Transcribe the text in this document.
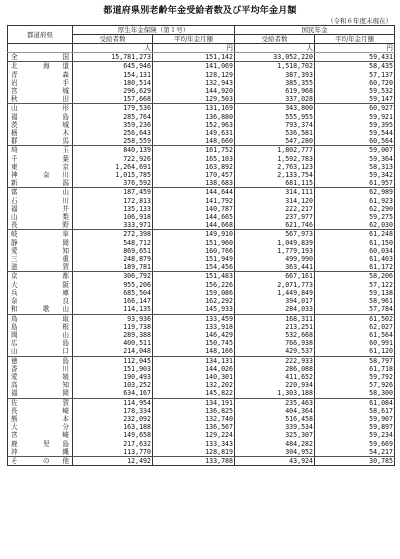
都道府県別老齢年金受給者数及び平均年金月額
（令和６年度末現在）
都道府県	厚生年金保険（第１号）		国民年金	
	受給者数	平均年金月額	受給者数	平均年金月額
	人	円	人	円

全 国	15,781,273	151,142	33,052,220	59,431

北 海 道	645,946	141,069	1,518,702	58,435

青 森	154,131	128,129	387,393	57,137

岩 手	180,514	132,943	385,355	60,720

宮 城	296,629	144,920	619,968	59,532

秋 田	157,668	129,503	337,028	59,147

山 形	179,536	131,169	343,800	60,927

福 島	285,764	136,880	555,955	59,921

茨 城	359,236	152,963	793,374	59,395

栃 木	256,643	149,631	536,581	59,544

群 馬	258,559	148,660	547,280	60,564

埼 玉	840,139	161,752	1,802,777	59,007

千 葉	722,926	165,103	1,592,783	59,364

東 京	1,264,691	163,892	2,763,123	58,313

神 奈 川	1,015,785	170,457	2,133,754	59,342

新 潟	376,592	138,683	681,115	61,957

富 山	187,459	144,644	314,111	62,989

石 川	172,813	141,792	314,120	61,923

福 井	135,133	140,787	222,217	62,290

山 梨	106,918	144,665	237,977	59,275

長 野	333,971	144,668	621,746	62,030

岐 阜	272,398	149,910	567,973	61,248

静 岡	548,712	151,960	1,049,839	61,150

愛 知	869,651	160,766	1,779,193	60,034

三 重	248,879	151,949	499,990	61,403

滋 賀	189,781	154,456	363,441	61,172

京 都	306,792	151,483	667,161	58,206

大 阪	955,206	156,226	2,071,773	57,122

兵 庫	685,504	159,086	1,449,849	59,138

奈 良	166,147	162,292	394,017	58,961

和 歌 山	114,135	145,933	284,033	57,784

鳥 取	93,936	133,459	168,311	61,502

島 根	119,738	133,918	213,251	62,027

岡 山	289,388	146,429	532,668	61,564

広 島	400,511	150,745	766,938	60,991

山 口	214,048	148,166	429,537	61,120

徳 島	112,045	134,131	222,933	58,797

香 川	151,903	144,026	286,088	61,718

愛 媛	190,493	140,301	411,652	59,792

高 知	103,252	132,202	220,934	57,926

福 岡	634,167	145,822	1,303,188	58,300

佐 賀	114,954	134,191	235,463	61,084

長 崎	178,334	136,825	404,364	58,617

熊 本	232,092	132,740	516,458	59,907

大 分	163,188	136,567	339,534	59,897

宮 崎	149,658	129,224	325,307	59,234

鹿 児 島	217,632	133,343	484,282	59,669

沖 縄	113,770	128,819	304,952	54,217

そ の 他	12,492	133,788	43,924	30,785
